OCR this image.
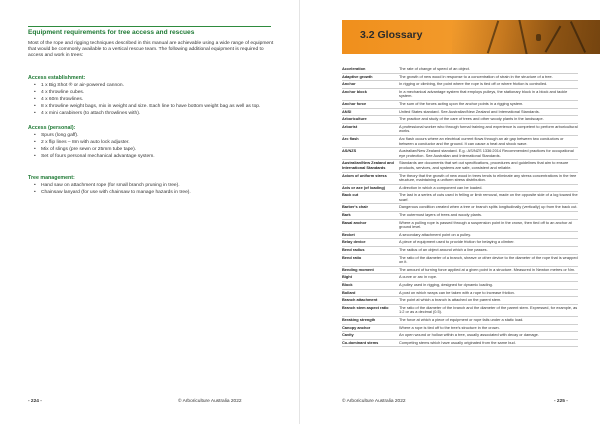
Equipment requirements for tree access and rescues
Most of the rope and rigging techniques described in this manual are achievable using a wide range of equipment that would be commonly available to a vertical rescue team. The following additional equipment is required to access and work in trees:
Access establishment:
• 1 x Big Shot ® or air-powered cannon.
• 4 x throwline cubes.
• 4 x 60m throwlines.
• 8 x throwline weight bags, mix in weight and size. Each line to have bottom weight bag as well as top.
• 4 x mini carabiners (to attach throwlines with).
Access (personal):
• Spurs (long gaff).
• 2 x flip lines – 8m with auto lock adjuster.
• Mix of slings (pre sewn or 25mm tube tape).
• Set of fours personal mechanical advantage system.
Tree management:
• Hand saw on attachment rope (for small branch pruning in tree).
• Chainsaw lanyard (for use with chainsaw to manage hazards in tree).
- 224 -	© Arboriculture Australia 2022
3.2 Glossary
Acceleration	The rate of change of speed of an object.
Adaptive growth	The growth of new wood in response to a concentration of strain in the structure of a tree.
Anchor	In rigging or climbing, the point where the rope is tied off or where friction is controlled.
Anchor block	In a mechanical advantage system that employs pulleys, the stationary block in a block and tackle system.
Anchor force	The sum of the forces acting upon the anchor points in a rigging system.
ANSI	United States standard. See Australian/New Zealand and International Standards.
Arboriculture	The practice and study of the care of trees and other woody plants in the landscape.
Arborist	A professional worker who through formal training and experience is competent to perform arboricultural works.
Arc flash	Arc flash occurs where an electrical current flows through an air gap between two conductors or between a conductor and the ground. It can cause a heat and shock wave.
AS/NZS	Australian/New Zealand standard. E.g.: AS/NZS 1336:2014 Recommended practices for occupational eye protection. See Australian and International Standards.
Australian/New Zealand and International Standards
Standards are documents that set out specifications, procedures and guidelines that aim to ensure products, services, and systems are safe, consistent and reliable.
Axiom of uniform stress	The theory that the growth of new wood in trees tends to eliminate any stress concentrations in the tree structure, maintaining a uniform stress distribution.
Axis or axe (of loading)	A direction in which a component can be loaded.
Back cut	The last in a series of cuts used in felling or limb removal, made on the opposite side of a log toward the scarf.
Barber's chair	Dangerous condition created when a tree or branch splits longitudinally (vertically) up from the back cut.
Bark	The outermost layers of trees and woody plants.
Basal anchor	Where a pulling rope is passed through a suspension point in the crown, then tied off to an anchor at ground level.
Becket	A secondary attachment point on a pulley.
Belay device	A piece of equipment used to provide friction for belaying a climber.
Bend radius	The radius of an object around which a line passes.
Bend ratio	The ratio of the diameter of a branch, sheave or other device to the diameter of the rope that is wrapped on it.
Bending moment	The amount of turning force applied at a given point in a structure. Measured in Newton metres or Nm.
Bight	A curve or arc in rope.
Block	A pulley used in rigging, designed for dynamic loading.
Bollard	A post on which wraps can be taken with a rope to increase friction.
Branch attachment	The point at which a branch is attached on the parent stem.
Branch stem aspect ratio	The ratio of the diameter of the branch and the diameter of the parent stem. Expressed, for example, as 1:2 or as a decimal (0.5).
Breaking strength	The force at which a piece of equipment or rope fails under a static load.
Canopy anchor	Where a rope is tied off to the tree's structure in the crown.
Cavity	An open wound or hollow within a tree, usually associated with decay or damage.
Co-dominant stems	Competing stems which have usually originated from the same bud.
© Arboriculture Australia 2022	- 225 -
